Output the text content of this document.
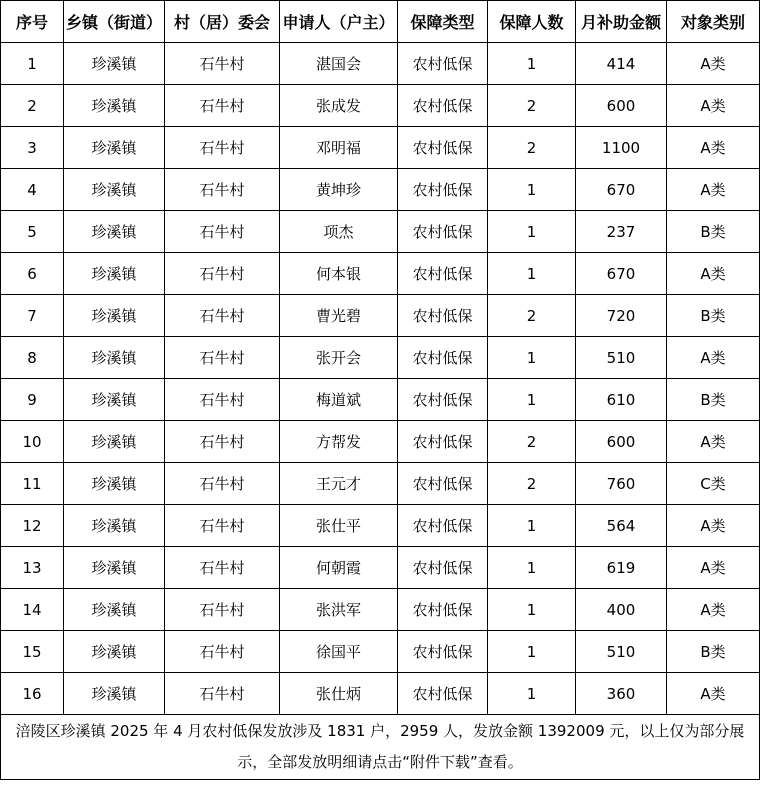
序号	乡镇（街道）	村（居）委会	申请人（户主）	保障类型	保障人数	月补助金额	对象类别
1	珍溪镇	石牛村	湛国会	农村低保	1	414	A类
2	珍溪镇	石牛村	张成发	农村低保	2	600	A类
3	珍溪镇	石牛村	邓明福	农村低保	2	1100	A类
4	珍溪镇	石牛村	黄坤珍	农村低保	1	670	A类
5	珍溪镇	石牛村	项杰	农村低保	1	237	B类
6	珍溪镇	石牛村	何本银	农村低保	1	670	A类
7	珍溪镇	石牛村	曹光碧	农村低保	2	720	B类
8	珍溪镇	石牛村	张开会	农村低保	1	510	A类
9	珍溪镇	石牛村	梅道斌	农村低保	1	610	B类
10	珍溪镇	石牛村	方帮发	农村低保	2	600	A类
11	珍溪镇	石牛村	王元才	农村低保	2	760	C类
12	珍溪镇	石牛村	张仕平	农村低保	1	564	A类
13	珍溪镇	石牛村	何朝霞	农村低保	1	619	A类
14	珍溪镇	石牛村	张洪军	农村低保	1	400	A类
15	珍溪镇	石牛村	徐国平	农村低保	1	510	B类
16	珍溪镇	石牛村	张仕炳	农村低保	1	360	A类
涪陵区珍溪镇 2025 年 4 月农村低保发放涉及 1831 户，2959 人，发放金额 1392009 元，以上仅为部分展示，全部发放明细请点击“附件下载”查看。							
